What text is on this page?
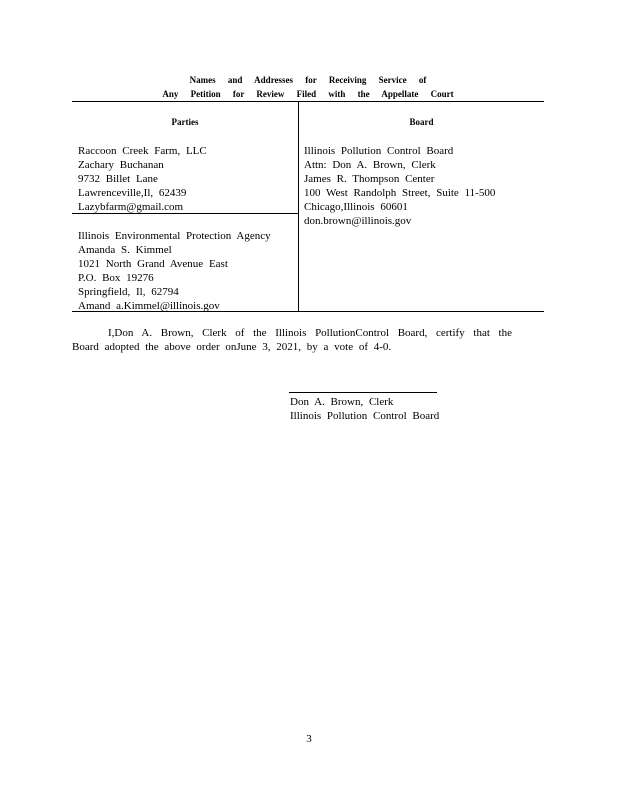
Names and Addresses for Receiving Service of
Any Petition for Review Filed with the Appellate Court
Parties	Board
Raccoon Creek Farm, LLC
Zachary Buchanan
9732 Billet Lane
Lawrenceville,Il, 62439
Lazybfarm@gmail.com
Illinois Environmental Protection Agency
Amanda S. Kimmel
1021 North Grand Avenue East
P.O. Box 19276
Springfield, Il, 62794
Amand a.Kimmel@illinois.gov
Illinois Pollution Control Board
Attn: Don A. Brown, Clerk
James R. Thompson Center
100 West Randolph Street, Suite 11-500
Chicago,Illinois 60601
don.brown@illinois.gov
I,Don A. Brown, Clerk of the Illinois PollutionControl Board, certify that the Board adopted the above order onJune 3, 2021, by a vote of 4-0.
Don A. Brown, Clerk
Illinois Pollution Control Board
3
